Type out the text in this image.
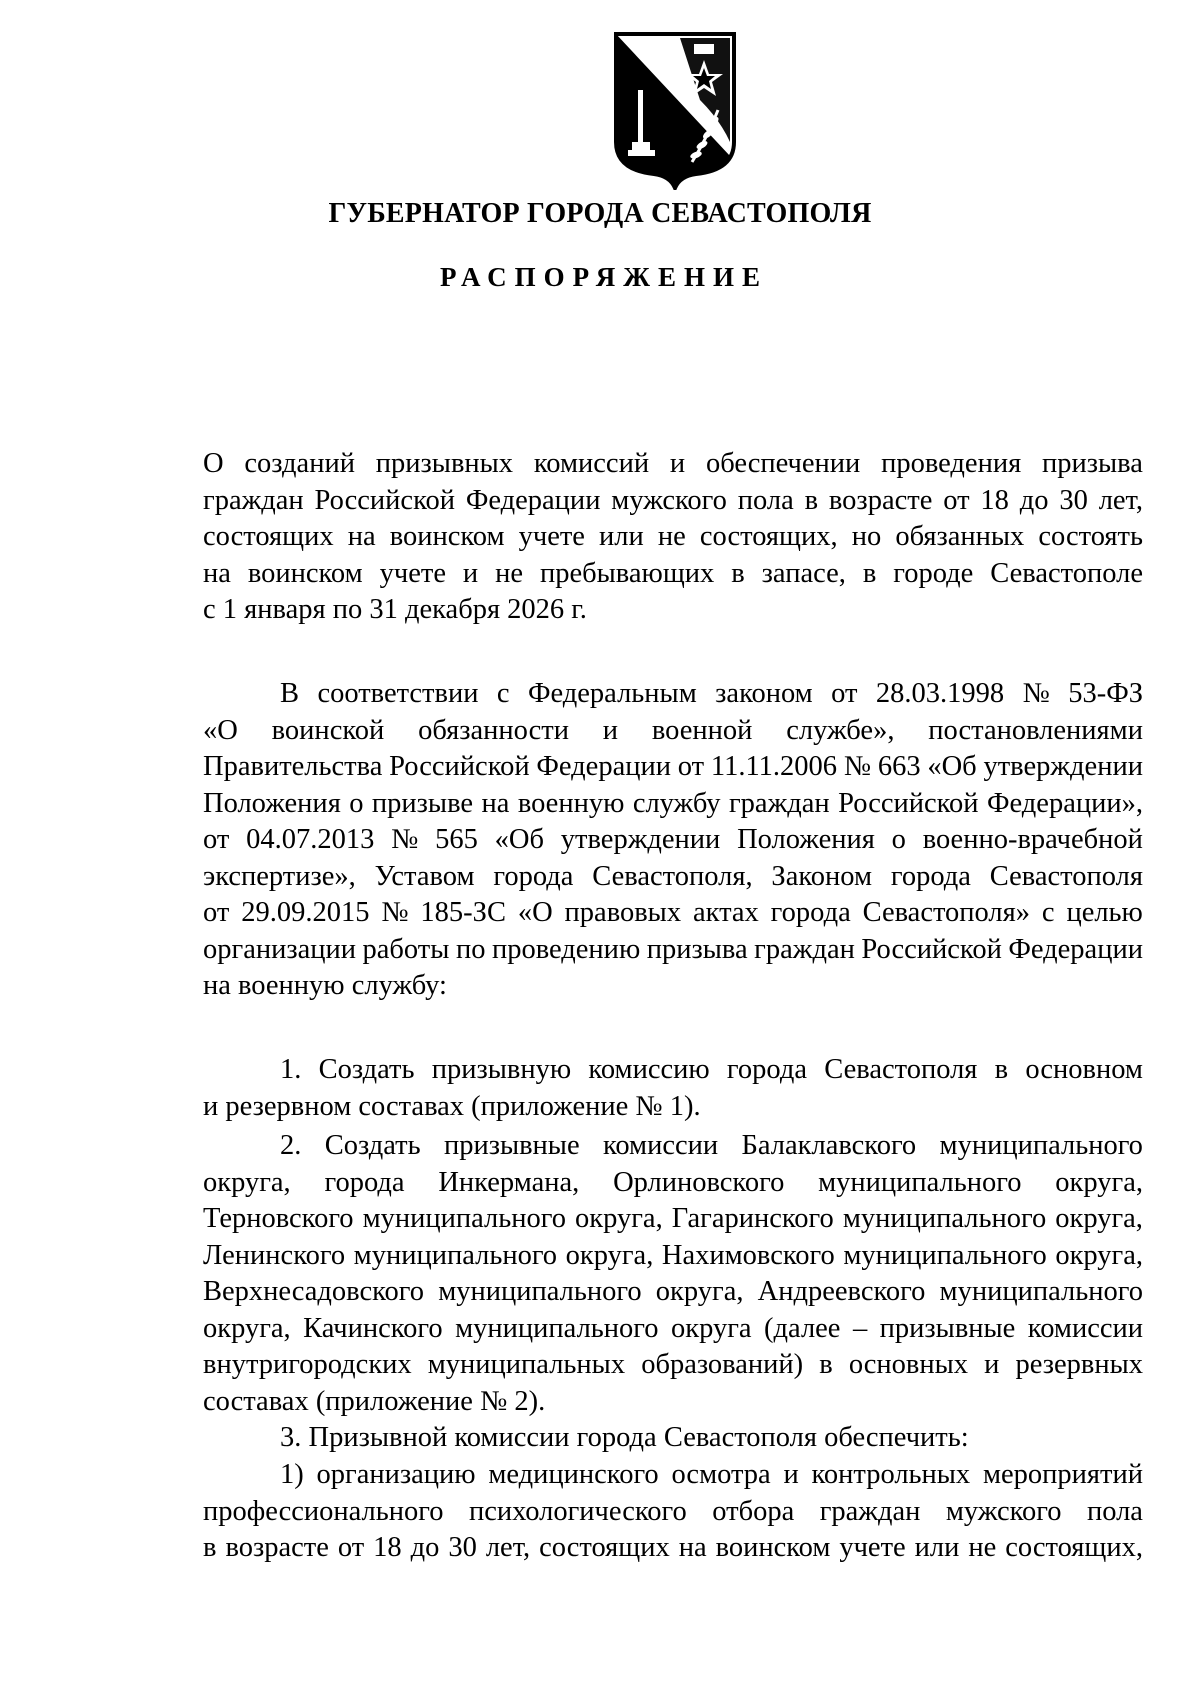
ГУБЕРНАТОР ГОРОДА СЕВАСТОПОЛЯ
РАСПОРЯЖЕНИЕ
О созданий призывных комиссий и обеспечении проведения призыва
граждан Российской Федерации мужского пола в возрасте от 18 до 30 лет,
состоящих на воинском учете или не состоящих, но обязанных состоять
на воинском учете и не пребывающих в запасе, в городе Севастополе
с 1 января по 31 декабря 2026 г.
В соответствии с Федеральным законом от 28.03.1998 № 53-ФЗ
«О воинской обязанности и военной службе», постановлениями
Правительства Российской Федерации от 11.11.2006 № 663 «Об утверждении
Положения о призыве на военную службу граждан Российской Федерации»,
от 04.07.2013 № 565 «Об утверждении Положения о военно-врачебной
экспертизе», Уставом города Севастополя, Законом города Севастополя
от 29.09.2015 № 185-ЗС «О правовых актах города Севастополя» с целью
организации работы по проведению призыва граждан Российской Федерации
на военную службу:
1. Создать призывную комиссию города Севастополя в основном
и резервном составах (приложение № 1).
2. Создать призывные комиссии Балаклавского муниципального
округа, города Инкермана, Орлиновского муниципального округа,
Терновского муниципального округа, Гагаринского муниципального округа,
Ленинского муниципального округа, Нахимовского муниципального округа,
Верхнесадовского муниципального округа, Андреевского муниципального
округа, Качинского муниципального округа (далее – призывные комиссии
внутригородских муниципальных образований) в основных и резервных
составах (приложение № 2).
3. Призывной комиссии города Севастополя обеспечить:
1) организацию медицинского осмотра и контрольных мероприятий
профессионального психологического отбора граждан мужского пола
в возрасте от 18 до 30 лет, состоящих на воинском учете или не состоящих,
